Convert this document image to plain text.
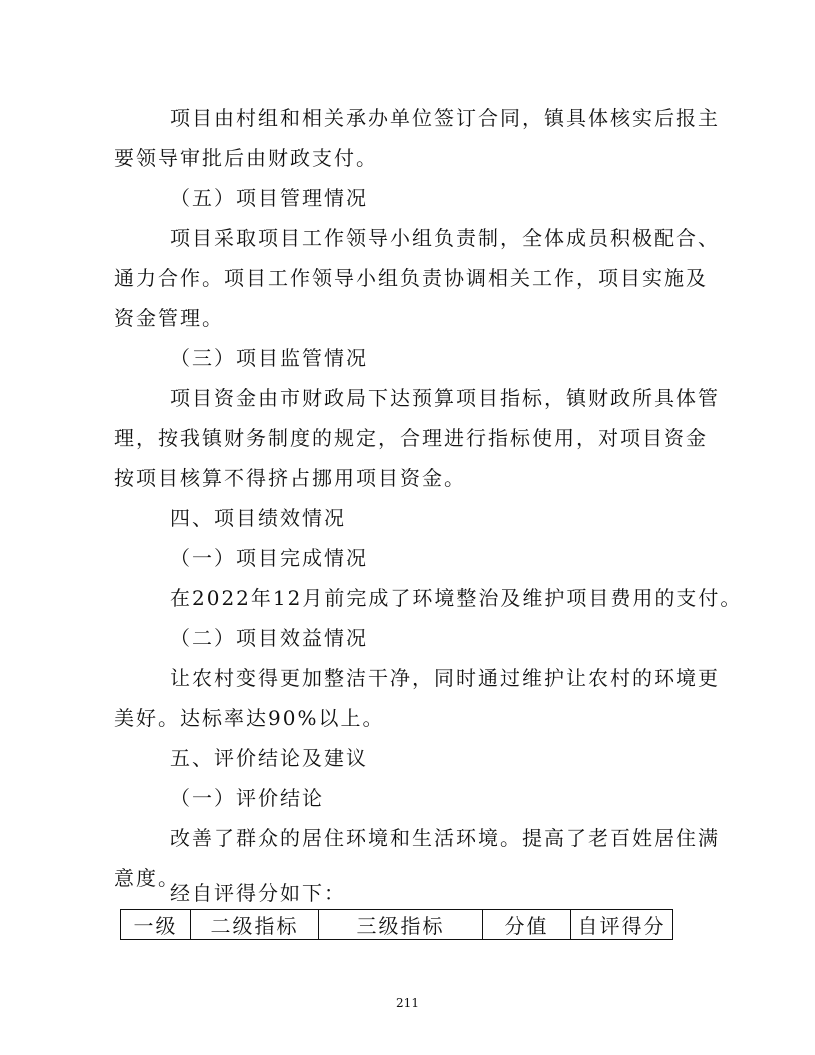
项目由村组和相关承办单位签订合同，镇具体核实后报主

要领导审批后由财政支付。

（五）项目管理情况

项目采取项目工作领导小组负责制，全体成员积极配合、

通力合作。项目工作领导小组负责协调相关工作，项目实施及

资金管理。

（三）项目监管情况

项目资金由市财政局下达预算项目指标，镇财政所具体管

理，按我镇财务制度的规定，合理进行指标使用，对项目资金

按项目核算不得挤占挪用项目资金。

四、项目绩效情况

（一）项目完成情况

在2022年12月前完成了环境整治及维护项目费用的支付。

（二）项目效益情况

让农村变得更加整洁干净，同时通过维护让农村的环境更

美好。达标率达90%以上。

五、评价结论及建议

（一）评价结论

改善了群众的居住环境和生活环境。提高了老百姓居住满

意度。

经自评得分如下：

一级	二级指标	三级指标	分值	自评得分
211
